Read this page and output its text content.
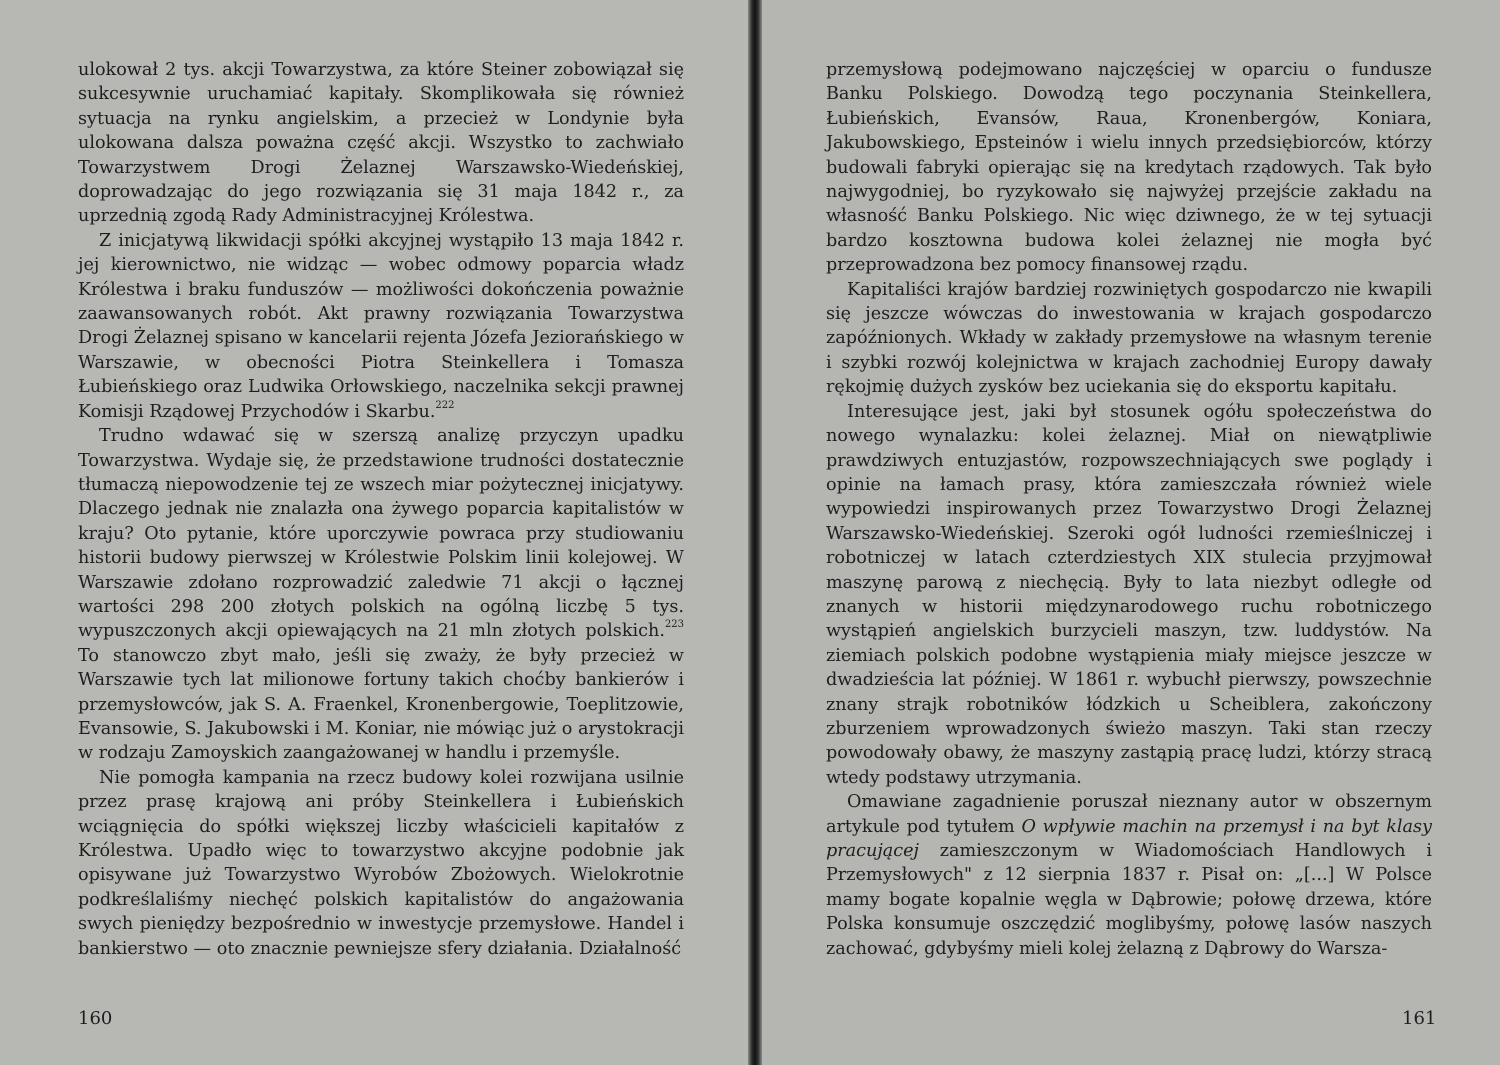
ulokował 2 tys. akcji Towarzystwa, za które Steiner zobowiązał się sukcesywnie uruchamiać kapitały. Skomplikowała się również sytuacja na rynku angielskim, a przecież w Londynie była ulokowana dalsza poważna część akcji. Wszystko to zachwiało Towarzystwem Drogi Żelaznej Warszawsko-Wiedeńskiej, doprowadzając do jego rozwiązania się 31 maja 1842 r., za uprzednią zgodą Rady Administracyjnej Królestwa.

Z inicjatywą likwidacji spółki akcyjnej wystąpiło 13 maja 1842 r. jej kierownictwo, nie widząc — wobec odmowy poparcia władz Królestwa i braku funduszów — możliwości dokończenia poważnie zaawansowanych robót. Akt prawny rozwiązania Towarzystwa Drogi Żelaznej spisano w kancelarii rejenta Józefa Jeziorańskiego w Warszawie, w obecności Piotra Steinkellera i Tomasza Łubieńskiego oraz Ludwika Orłowskiego, naczelnika sekcji prawnej Komisji Rządowej Przychodów i Skarbu.$^{222}$

Trudno wdawać się w szerszą analizę przyczyn upadku Towarzystwa. Wydaje się, że przedstawione trudności dostatecznie tłumaczą niepowodzenie tej ze wszech miar pożytecznej inicjatywy. Dlaczego jednak nie znalazła ona żywego poparcia kapitalistów w kraju? Oto pytanie, które uporczywie powraca przy studiowaniu historii budowy pierwszej w Królestwie Polskim linii kolejowej. W Warszawie zdołano rozprowadzić zaledwie 71 akcji o łącznej wartości 298 200 złotych polskich na ogólną liczbę 5 tys. wypuszczonych akcji opiewających na 21 mln złotych polskich.$^{223}$ To stanowczo zbyt mało, jeśli się zważy, że były przecież w Warszawie tych lat milionowe fortuny takich choćby bankierów i przemysłowców, jak S. A. Fraenkel, Kronenbergowie, Toeplitzowie, Evansowie, S. Jakubowski i M. Koniar, nie mówiąc już o arystokracji w rodzaju Zamoyskich zaangażowanej w handlu i przemyśle.

Nie pomogła kampania na rzecz budowy kolei rozwijana usilnie przez prasę krajową ani próby Steinkellera i Łubieńskich wciągnięcia do spółki większej liczby właścicieli kapitałów z Królestwa. Upadło więc to towarzystwo akcyjne podobnie jak opisywane już Towarzystwo Wyrobów Zbożowych. Wielokrotnie podkreślaliśmy niechęć polskich kapitalistów do angażowania swych pieniędzy bezpośrednio w inwestycje przemysłowe. Handel i bankierstwo — oto znacznie pewniejsze sfery działania. Działalność

160

przemysłową podejmowano najczęściej w oparciu o fundusze Banku Polskiego. Dowodzą tego poczynania Steinkellera, Łubieńskich, Evansów, Raua, Kronenbergów, Koniara, Jakubowskiego, Epsteinów i wielu innych przedsiębiorców, którzy budowali fabryki opierając się na kredytach rządowych. Tak było najwygodniej, bo ryzykowało się najwyżej przejście zakładu na własność Banku Polskiego. Nic więc dziwnego, że w tej sytuacji bardzo kosztowna budowa kolei żelaznej nie mogła być przeprowadzona bez pomocy finansowej rządu.

Kapitaliści krajów bardziej rozwiniętych gospodarczo nie kwapili się jeszcze wówczas do inwestowania w krajach gospodarczo zapóźnionych. Wkłady w zakłady przemysłowe na własnym terenie i szybki rozwój kolejnictwa w krajach zachodniej Europy dawały rękojmię dużych zysków bez uciekania się do eksportu kapitału.

Interesujące jest, jaki był stosunek ogółu społeczeństwa do nowego wynalazku: kolei żelaznej. Miał on niewątpliwie prawdziwych entuzjastów, rozpowszechniających swe poglądy i opinie na łamach prasy, która zamieszczała również wiele wypowiedzi inspirowanych przez Towarzystwo Drogi Żelaznej Warszawsko-Wiedeńskiej. Szeroki ogół ludności rzemieślniczej i robotniczej w latach czterdziestych XIX stulecia przyjmował maszynę parową z niechęcią. Były to lata niezbyt odległe od znanych w historii międzynarodowego ruchu robotniczego wystąpień angielskich burzycieli maszyn, tzw. luddystów. Na ziemiach polskich podobne wystąpienia miały miejsce jeszcze w dwadzieścia lat później. W 1861 r. wybuchł pierwszy, powszechnie znany strajk robotników łódzkich u Scheiblera, zakończony zburzeniem wprowadzonych świeżo maszyn. Taki stan rzeczy powodowały obawy, że maszyny zastąpią pracę ludzi, którzy stracą wtedy podstawy utrzymania.

Omawiane zagadnienie poruszał nieznany autor w obszernym artykule pod tytułem O wpływie machin na przemysł i na byt klasy pracującej zamieszczonym w Wiadomościach Handlowych i Przemysłowych" z 12 sierpnia 1837 r. Pisał on: „[...] W Polsce mamy bogate kopalnie węgla w Dąbrowie; połowę drzewa, które Polska konsumuje oszczędzić moglibyśmy, połowę lasów naszych zachować, gdybyśmy mieli kolej żelazną z Dąbrowy do Warsza-

161
